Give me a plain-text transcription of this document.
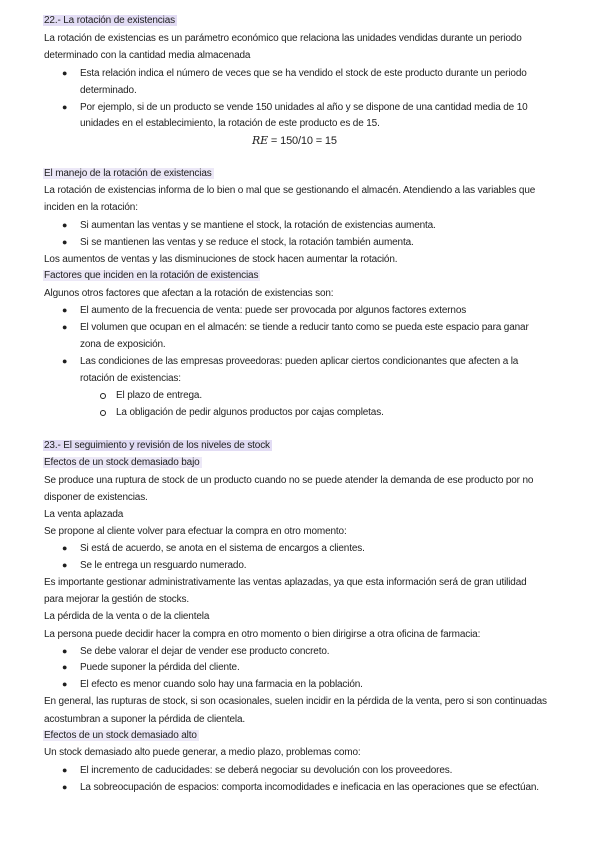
22.- La rotación de existencias

La rotación de existencias es un parámetro económico que relaciona las unidades vendidas durante un periodo

determinado con la cantidad media almacenada

● Esta relación indica el número de veces que se ha vendido el stock de este producto durante un periodo

determinado.

● Por ejemplo, si de un producto se vende 150 unidades al año y se dispone de una cantidad media de 10

unidades en el establecimiento, la rotación de este producto es de 15.

RE = 150/10 = 15

El manejo de la rotación de existencias

La rotación de existencias informa de lo bien o mal que se gestionando el almacén. Atendiendo a las variables que

inciden en la rotación:

● Si aumentan las ventas y se mantiene el stock, la rotación de existencias aumenta.

● Si se mantienen las ventas y se reduce el stock, la rotación también aumenta.

Los aumentos de ventas y las disminuciones de stock hacen aumentar la rotación.

Factores que inciden en la rotación de existencias

Algunos otros factores que afectan a la rotación de existencias son:

● El aumento de la frecuencia de venta: puede ser provocada por algunos factores externos

● El volumen que ocupan en el almacén: se tiende a reducir tanto como se pueda este espacio para ganar

zona de exposición.

● Las condiciones de las empresas proveedoras: pueden aplicar ciertos condicionantes que afecten a la

rotación de existencias:

El plazo de entrega.

La obligación de pedir algunos productos por cajas completas.

23.- El seguimiento y revisión de los niveles de stock

Efectos de un stock demasiado bajo

Se produce una ruptura de stock de un producto cuando no se puede atender la demanda de ese producto por no

disponer de existencias.

La venta aplazada

Se propone al cliente volver para efectuar la compra en otro momento:

● Si está de acuerdo, se anota en el sistema de encargos a clientes.

● Se le entrega un resguardo numerado.

Es importante gestionar administrativamente las ventas aplazadas, ya que esta información será de gran utilidad

para mejorar la gestión de stocks.

La pérdida de la venta o de la clientela

La persona puede decidir hacer la compra en otro momento o bien dirigirse a otra oficina de farmacia:

● Se debe valorar el dejar de vender ese producto concreto.

● Puede suponer la pérdida del cliente.

● El efecto es menor cuando solo hay una farmacia en la población.

En general, las rupturas de stock, si son ocasionales, suelen incidir en la pérdida de la venta, pero si son continuadas

acostumbran a suponer la pérdida de clientela.

Efectos de un stock demasiado alto

Un stock demasiado alto puede generar, a medio plazo, problemas como:

● El incremento de caducidades: se deberá negociar su devolución con los proveedores.

● La sobreocupación de espacios: comporta incomodidades e ineficacia en las operaciones que se efectúan.
